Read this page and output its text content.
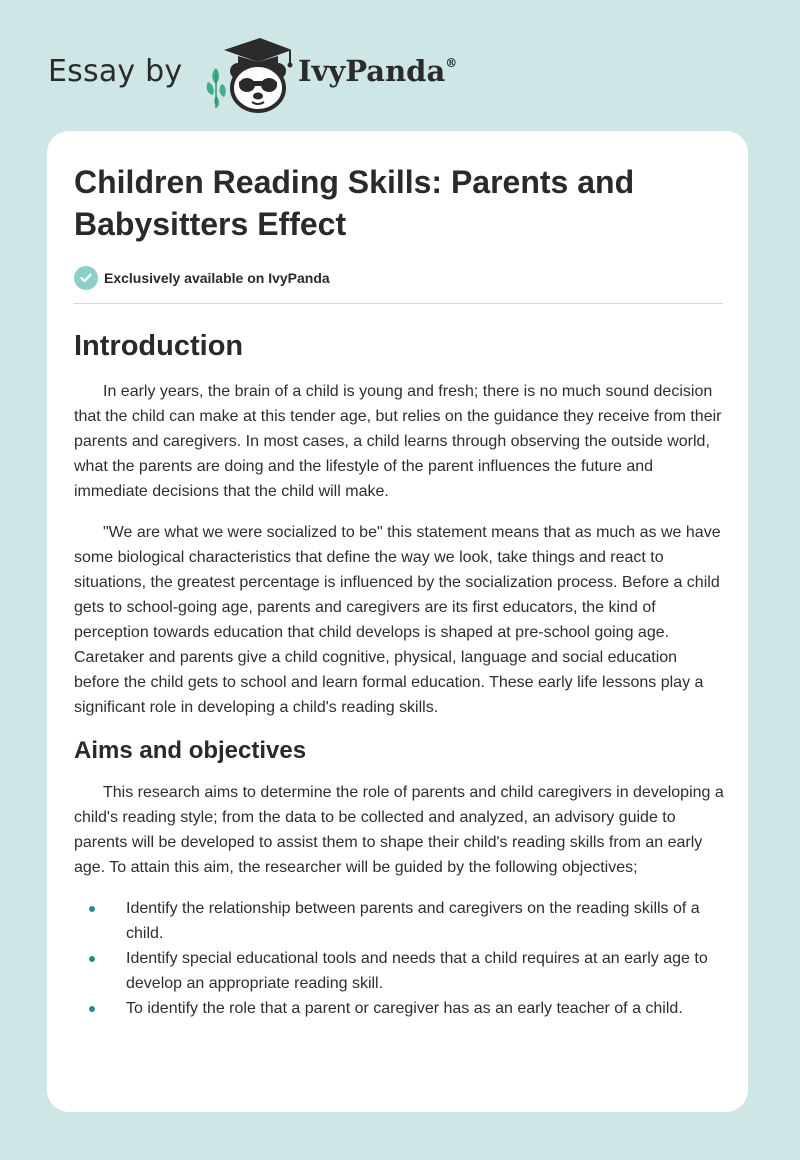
Essay by	IvyPanda®
Children Reading Skills: Parents and Babysitters Effect
Exclusively available on IvyPanda
Introduction

In early years, the brain of a child is young and fresh; there is no much sound decision that the child can make at this tender age, but relies on the guidance they receive from their parents and caregivers. In most cases, a child learns through observing the outside world, what the parents are doing and the lifestyle of the parent influences the future and immediate decisions that the child will make.

"We are what we were socialized to be" this statement means that as much as we have some biological characteristics that define the way we look, take things and react to situations, the greatest percentage is influenced by the socialization process. Before a child gets to school-going age, parents and caregivers are its first educators, the kind of perception towards education that child develops is shaped at pre-school going age. Caretaker and parents give a child cognitive, physical, language and social education before the child gets to school and learn formal education. These early life lessons play a significant role in developing a child's reading skills.

Aims and objectives

This research aims to determine the role of parents and child caregivers in developing a child's reading style; from the data to be collected and analyzed, an advisory guide to parents will be developed to assist them to shape their child's reading skills from an early age. To attain this aim, the researcher will be guided by the following objectives;

Identify the relationship between parents and caregivers on the reading skills of a child.
Identify special educational tools and needs that a child requires at an early age to develop an appropriate reading skill.
To identify the role that a parent or caregiver has as an early teacher of a child.
